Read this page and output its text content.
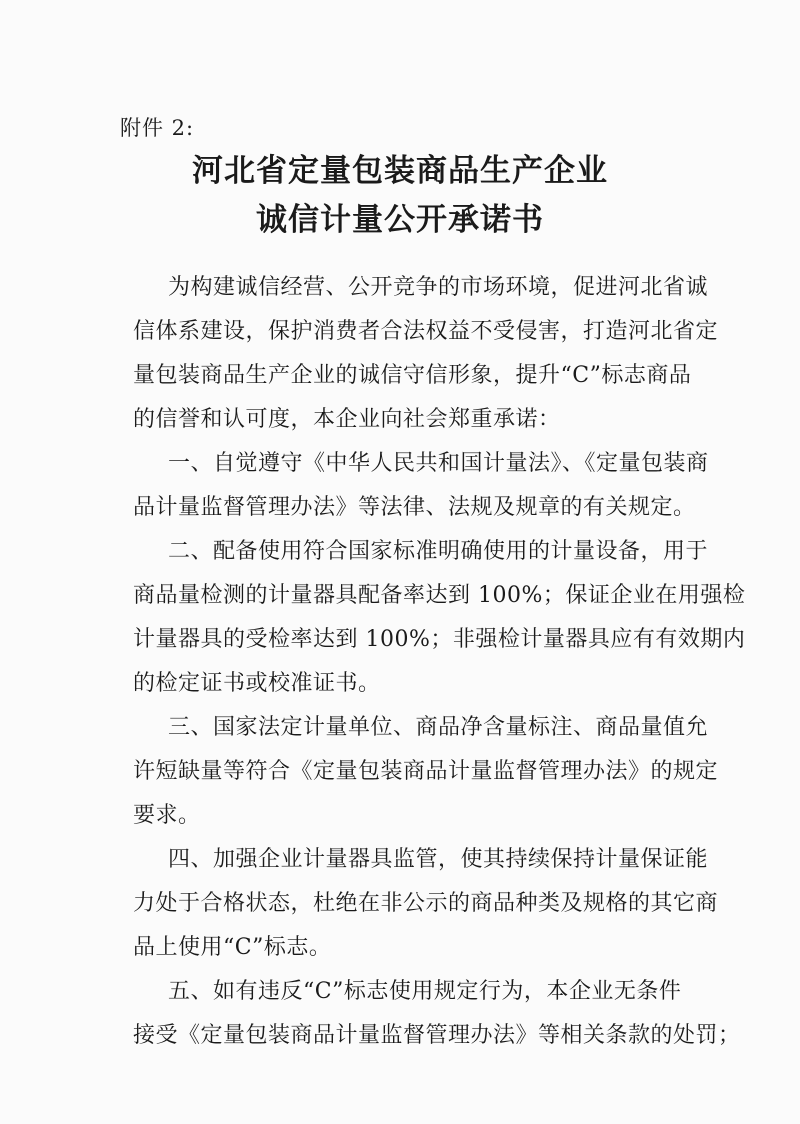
附件 2:
河北省定量包装商品生产企业
诚信计量公开承诺书
为构建诚信经营、公开竞争的市场环境，促进河北省诚
信体系建设，保护消费者合法权益不受侵害，打造河北省定
量包装商品生产企业的诚信守信形象，提升“C”标志商品
的信誉和认可度，本企业向社会郑重承诺：
一、自觉遵守《中华人民共和国计量法》、《定量包装商
品计量监督管理办法》等法律、法规及规章的有关规定。
二、配备使用符合国家标准明确使用的计量设备，用于
商品量检测的计量器具配备率达到 100%；保证企业在用强检
计量器具的受检率达到 100%；非强检计量器具应有有效期内
的检定证书或校准证书。
三、国家法定计量单位、商品净含量标注、商品量值允
许短缺量等符合《定量包装商品计量监督管理办法》的规定
要求。
四、加强企业计量器具监管，使其持续保持计量保证能
力处于合格状态，杜绝在非公示的商品种类及规格的其它商
品上使用“C”标志。
五、如有违反“C”标志使用规定行为，本企业无条件
接受《定量包装商品计量监督管理办法》等相关条款的处罚；
